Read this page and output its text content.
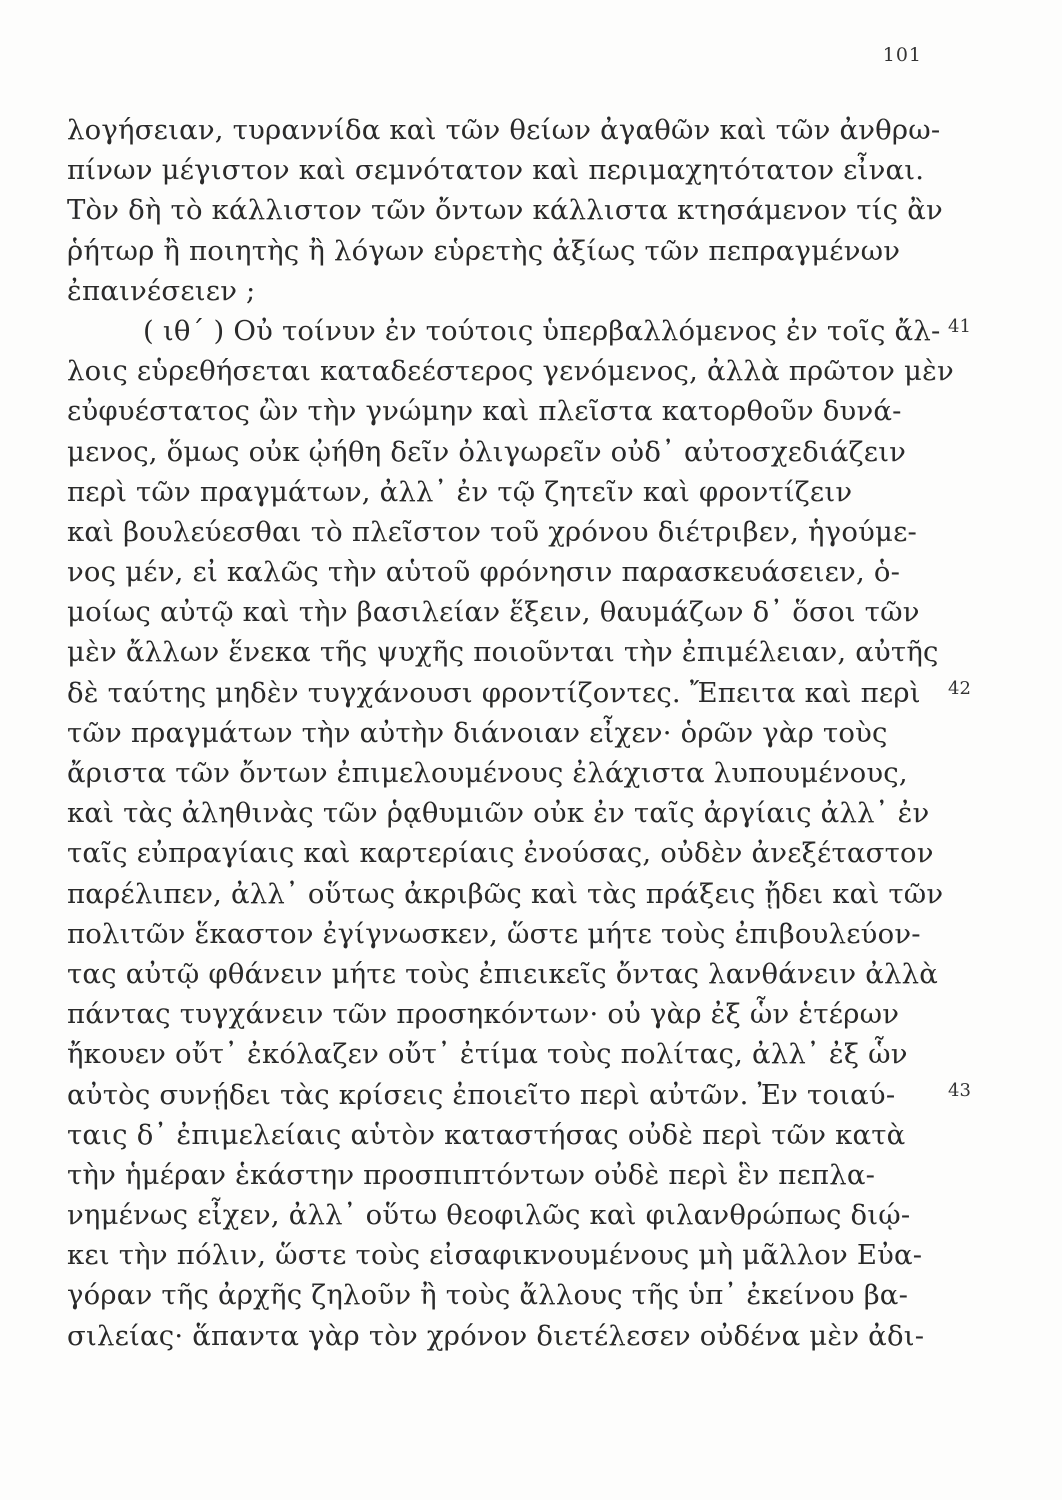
101
λογήσειαν, τυραννίδα καὶ τῶν θείων ἀγαθῶν καὶ τῶν ἀνθρω-
πίνων μέγιστον καὶ σεμνότατον καὶ περιμαχητότατον εἶναι.
Τὸν δὴ τὸ κάλλιστον τῶν ὄντων κάλλιστα κτησάμενον τίς ἂν
ῥήτωρ ἢ ποιητὴς ἢ λόγων εὑρετὴς ἀξίως τῶν πεπραγμένων
ἐπαινέσειεν ;
( ιθ΄ ) Οὐ τοίνυν ἐν τούτοις ὑπερβαλλόμενος ἐν τοῖς ἄλ-
λοις εὑρεθήσεται καταδεέστερος γενόμενος, ἀλλὰ πρῶτον μὲν
εὐφυέστατος ὢν τὴν γνώμην καὶ πλεῖστα κατορθοῦν δυνά-
μενος, ὅμως οὐκ ᾠήθη δεῖν ὀλιγωρεῖν οὐδ᾿ αὐτοσχεδιάζειν
περὶ τῶν πραγμάτων, ἀλλ᾿ ἐν τῷ ζητεῖν καὶ φροντίζειν
καὶ βουλεύεσθαι τὸ πλεῖστον τοῦ χρόνου διέτριβεν, ἡγούμε-
νος μέν, εἰ καλῶς τὴν αὑτοῦ φρόνησιν παρασκευάσειεν, ὁ-
μοίως αὐτῷ καὶ τὴν βασιλείαν ἕξειν, θαυμάζων δ᾿ ὅσοι τῶν
μὲν ἄλλων ἕνεκα τῆς ψυχῆς ποιοῦνται τὴν ἐπιμέλειαν, αὐτῆς
δὲ ταύτης μηδὲν τυγχάνουσι φροντίζοντες. Ἔπειτα καὶ περὶ
τῶν πραγμάτων τὴν αὐτὴν διάνοιαν εἶχεν· ὁρῶν γὰρ τοὺς
ἄριστα τῶν ὄντων ἐπιμελουμένους ἐλάχιστα λυπουμένους,
καὶ τὰς ἀληθινὰς τῶν ῥᾳθυμιῶν οὐκ ἐν ταῖς ἀργίαις ἀλλ᾿ ἐν
ταῖς εὐπραγίαις καὶ καρτερίαις ἐνούσας, οὐδὲν ἀνεξέταστον
παρέλιπεν, ἀλλ᾿ οὕτως ἀκριβῶς καὶ τὰς πράξεις ᾔδει καὶ τῶν
πολιτῶν ἕκαστον ἐγίγνωσκεν, ὥστε μήτε τοὺς ἐπιβουλεύον-
τας αὐτῷ φθάνειν μήτε τοὺς ἐπιεικεῖς ὄντας λανθάνειν ἀλλὰ
πάντας τυγχάνειν τῶν προσηκόντων· οὐ γὰρ ἐξ ὧν ἑτέρων
ἤκουεν οὔτ᾿ ἐκόλαζεν οὔτ᾿ ἐτίμα τοὺς πολίτας, ἀλλ᾿ ἐξ ὧν
αὐτὸς συνῄδει τὰς κρίσεις ἐποιεῖτο περὶ αὐτῶν. Ἐν τοιαύ-
ταις δ᾿ ἐπιμελείαις αὑτὸν καταστήσας οὐδὲ περὶ τῶν κατὰ
τὴν ἡμέραν ἑκάστην προσπιπτόντων οὐδὲ περὶ ἓν πεπλα-
νημένως εἶχεν, ἀλλ᾿ οὕτω θεοφιλῶς καὶ φιλανθρώπως διῴ-
κει τὴν πόλιν, ὥστε τοὺς εἰσαφικνουμένους μὴ μᾶλλον Εὐα-
γόραν τῆς ἀρχῆς ζηλοῦν ἢ τοὺς ἄλλους τῆς ὑπ᾿ ἐκείνου βα-
σιλείας· ἅπαντα γὰρ τὸν χρόνον διετέλεσεν οὐδένα μὲν ἀδι-
41
42
43
